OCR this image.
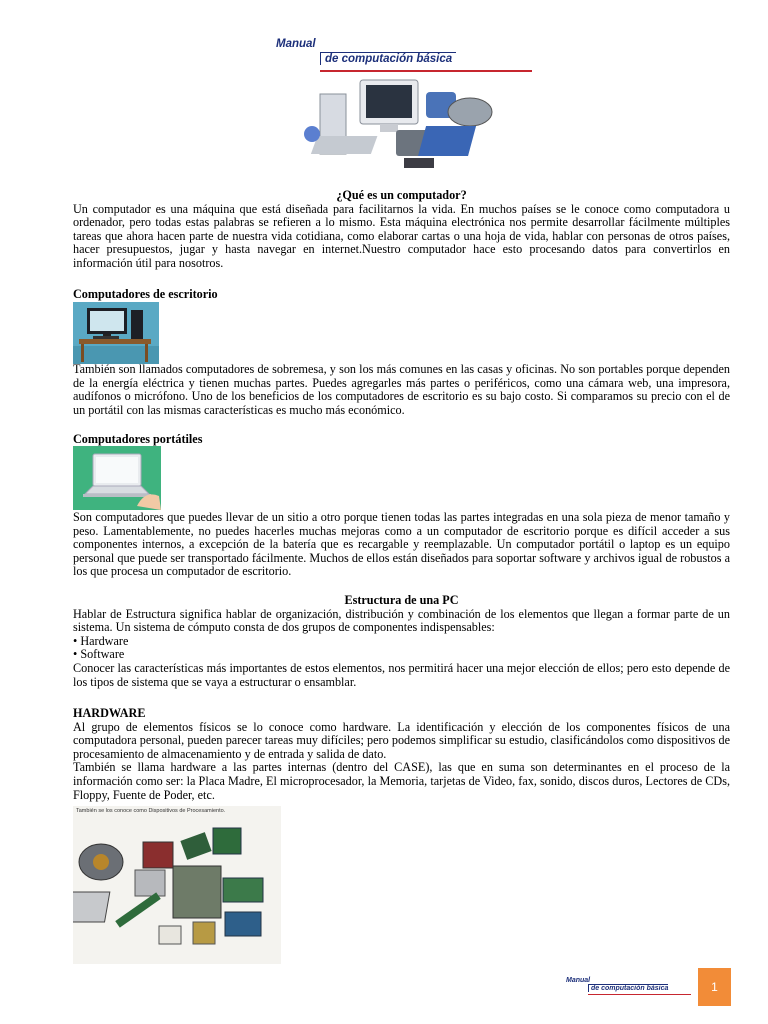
Manual
de computación básica

¿Qué es un computador?

Un computador es una máquina que está diseñada para facilitarnos la vida. En muchos países se le conoce como computadora u ordenador, pero todas estas palabras se refieren a lo mismo. Esta máquina electrónica nos permite desarrollar fácilmente múltiples tareas que ahora hacen parte de nuestra vida cotidiana, como elaborar cartas o una hoja de vida, hablar con personas de otros países, hacer presupuestos, jugar y hasta navegar en internet.Nuestro computador hace esto procesando datos para convertirlos en información útil para nosotros.

Computadores de escritorio

También son llamados computadores de sobremesa, y son los más comunes en las casas y oficinas. No son portables porque dependen de la energía eléctrica y tienen muchas partes. Puedes agregarles más partes o periféricos, como una cámara web, una impresora, audífonos o micrófono. Uno de los beneficios de los computadores de escritorio es su bajo costo. Si comparamos su precio con el de un portátil con las mismas características es mucho más económico.

Computadores portátiles

Son computadores que puedes llevar de un sitio a otro porque tienen todas las partes integradas en una sola pieza de menor tamaño y peso. Lamentablemente, no puedes hacerles muchas mejoras como a un computador de escritorio porque es difícil acceder a sus componentes internos, a excepción de la batería que es recargable y reemplazable. Un computador portátil o laptop es un equipo personal que puede ser transportado fácilmente. Muchos de ellos están diseñados para soportar software y archivos igual de robustos a los que procesa un computador de escritorio.

Estructura de una PC

Hablar de Estructura significa hablar de organización, distribución y combinación de los elementos que llegan a formar parte de un sistema. Un sistema de cómputo consta de dos grupos de componentes indispensables:

• Hardware

• Software

Conocer las características más importantes de estos elementos, nos permitirá hacer una mejor elección de ellos; pero esto depende de los tipos de sistema que se vaya a estructurar o ensamblar.

HARDWARE

Al grupo de elementos físicos se lo conoce como hardware. La identificación y elección de los componentes físicos de una computadora personal, pueden parecer tareas muy difíciles; pero podemos simplificar su estudio, clasificándolos como dispositivos de procesamiento de almacenamiento y de entrada y salida de dato.

También se llama hardware a las partes internas (dentro del CASE), las que en suma son determinantes en el proceso de la información como ser: la Placa Madre, El microprocesador, la Memoria, tarjetas de Video, fax, sonido, discos duros, Lectores de CDs, Floppy, Fuente de Poder, etc.

También se los conoce como Dispositivos de Procesamiento.
Manual
de computación básica	1
